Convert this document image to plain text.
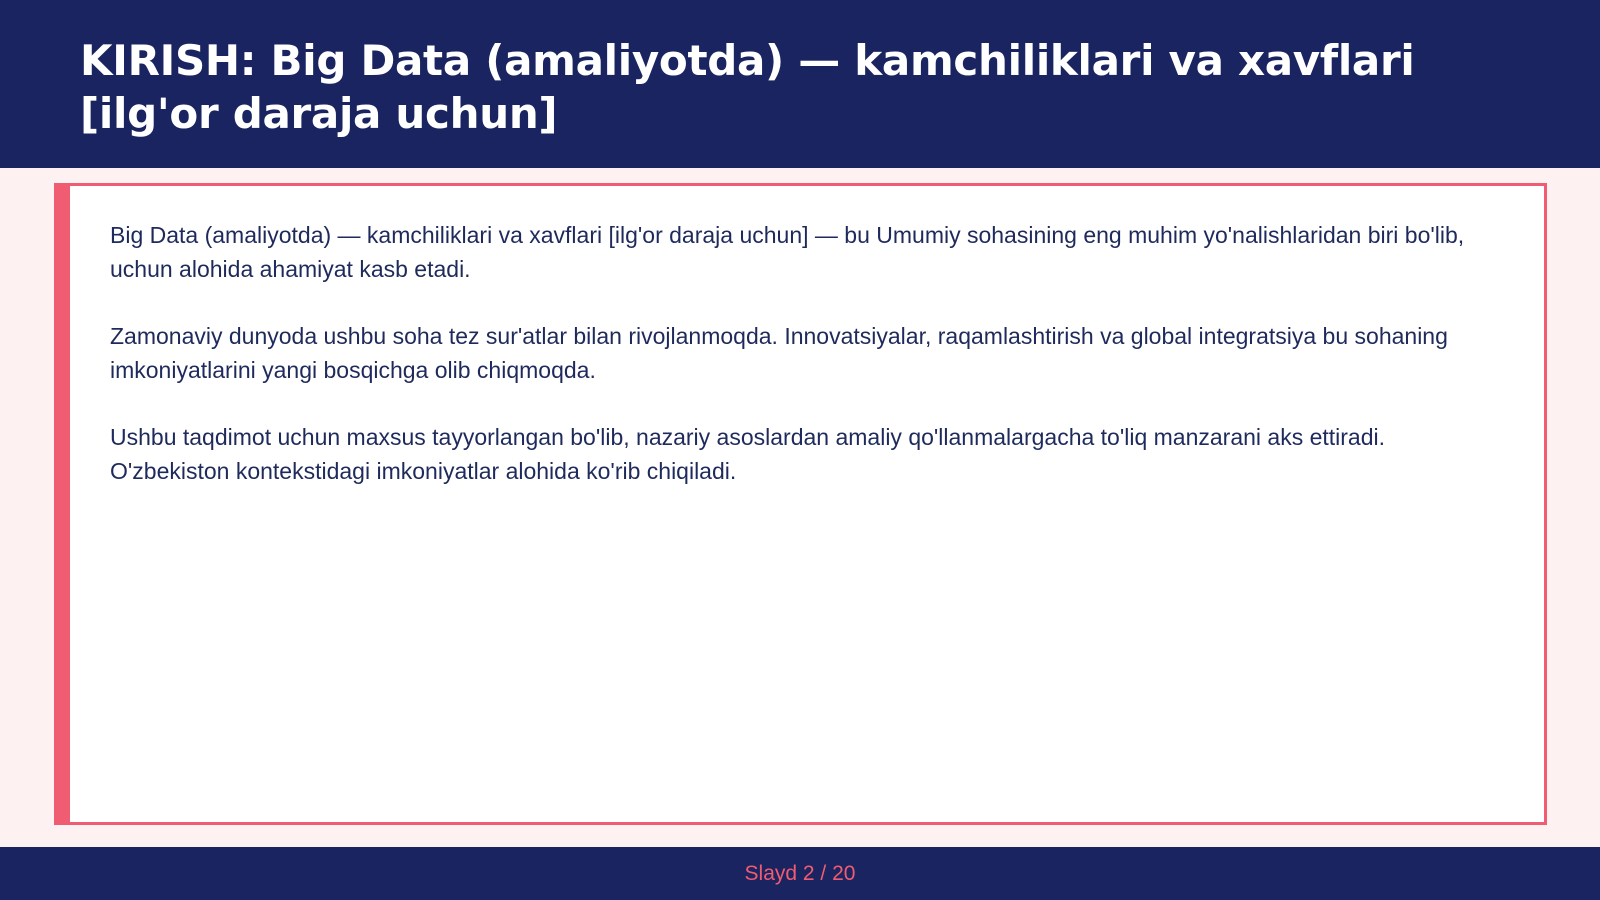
KIRISH: Big Data (amaliyotda) — kamchiliklari va xavflari [ilg'or daraja uchun]

Big Data (amaliyotda) — kamchiliklari va xavflari [ilg'or daraja uchun] — bu Umumiy sohasining eng muhim yo'nalishlaridan biri bo'lib, uchun alohida ahamiyat kasb etadi.

Zamonaviy dunyoda ushbu soha tez sur'atlar bilan rivojlanmoqda. Innovatsiyalar, raqamlashtirish va global integratsiya bu sohaning imkoniyatlarini yangi bosqichga olib chiqmoqda.

Ushbu taqdimot uchun maxsus tayyorlangan bo'lib, nazariy asoslardan amaliy qo'llanmalargacha to'liq manzarani aks ettiradi. O'zbekiston kontekstidagi imkoniyatlar alohida ko'rib chiqiladi.

Slayd 2 / 20
